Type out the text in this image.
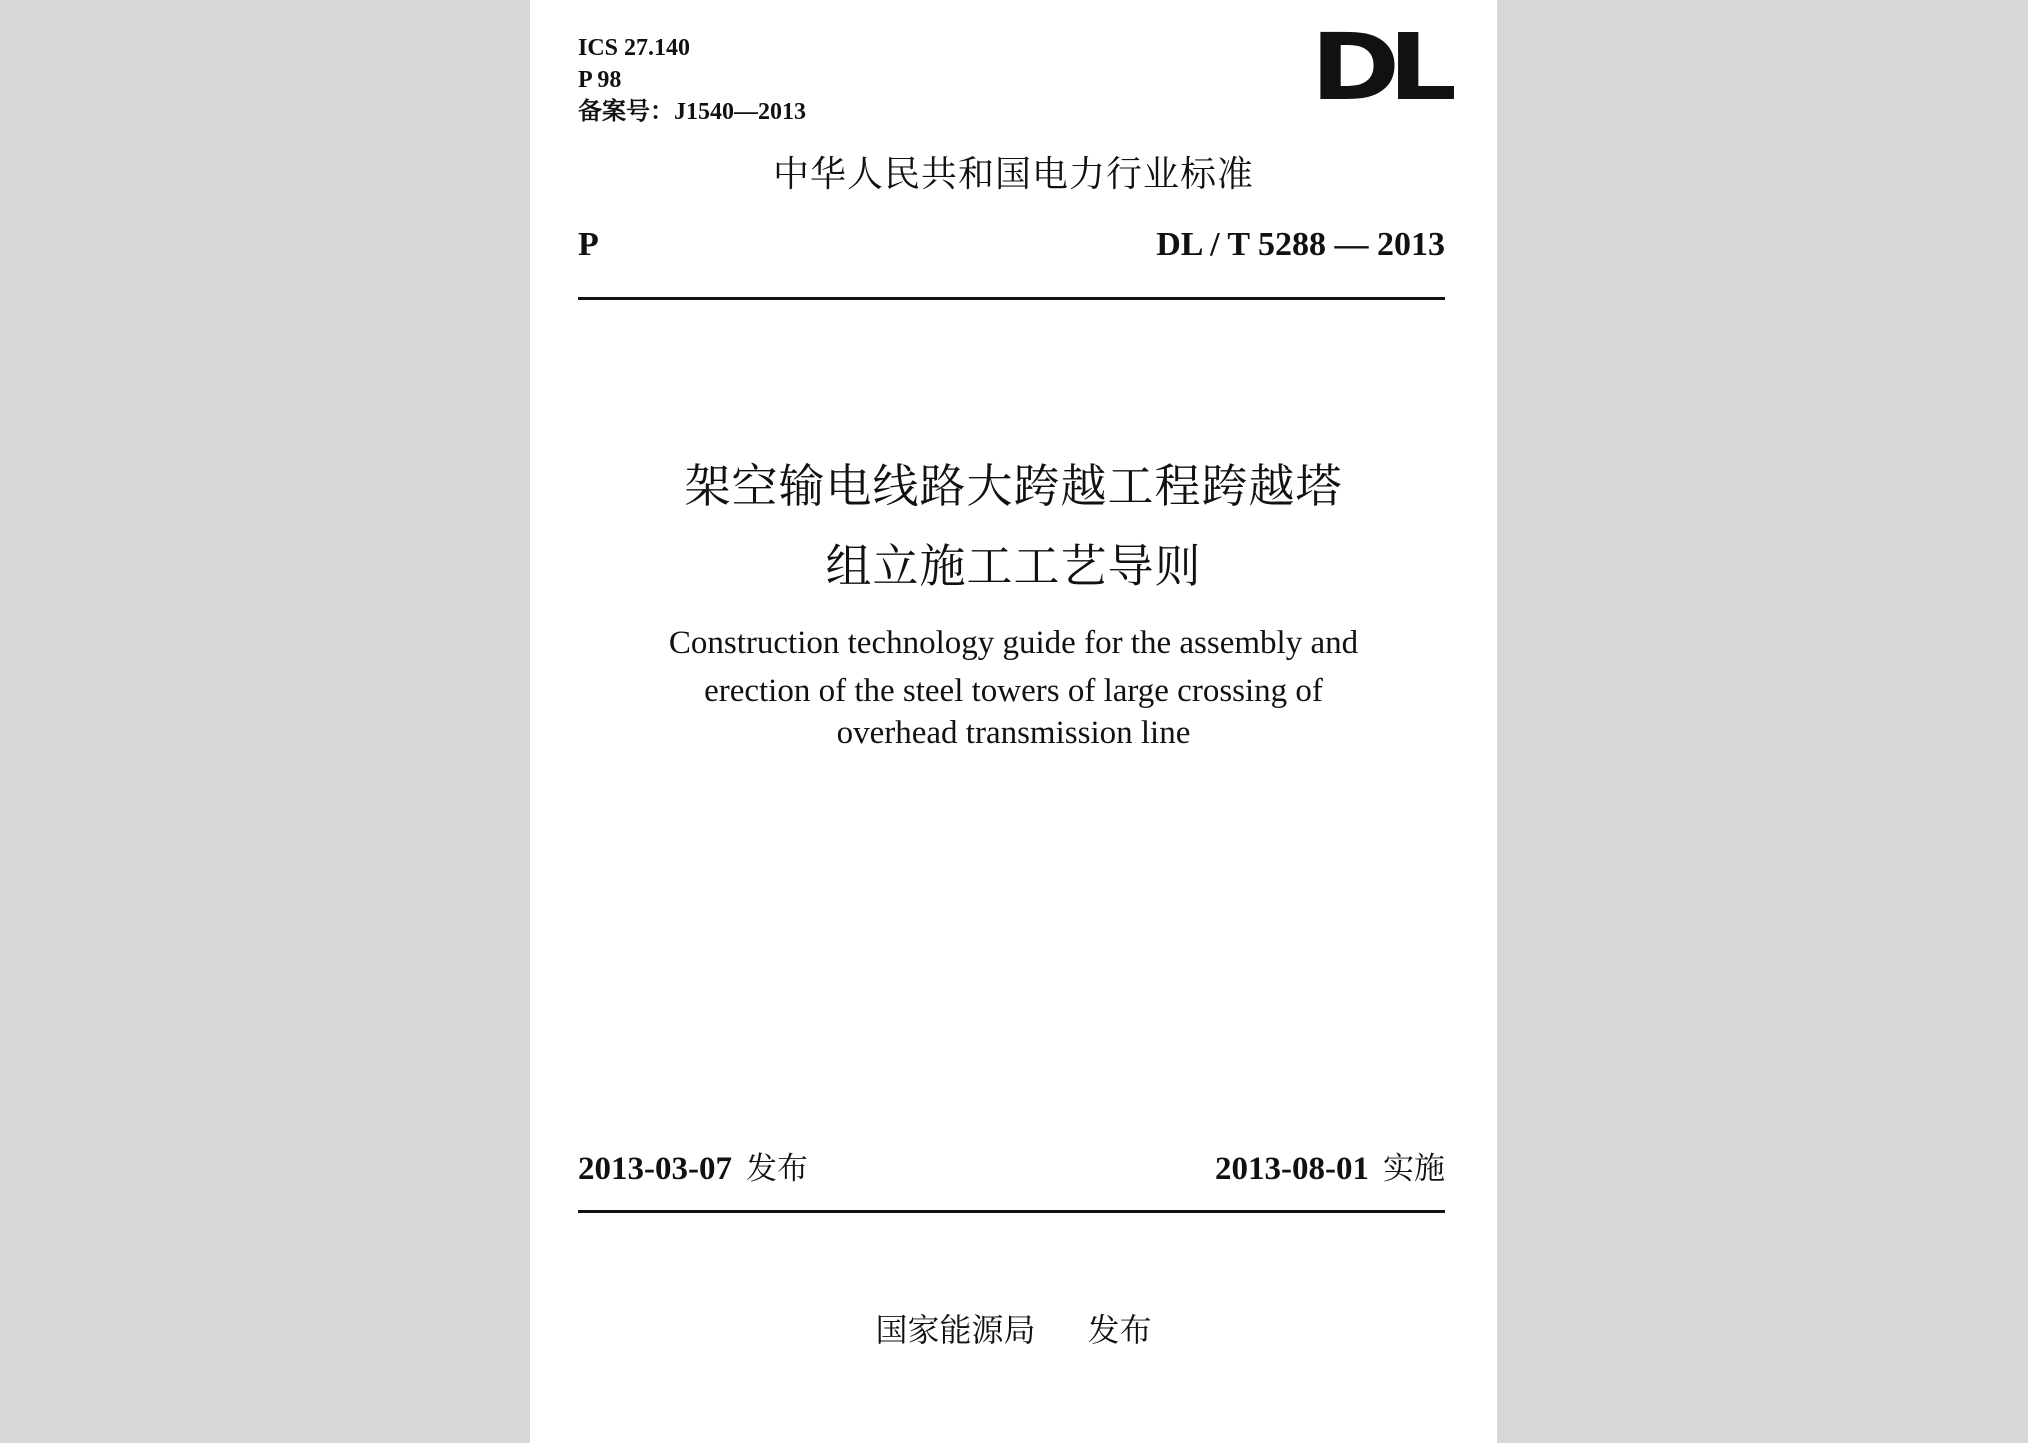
ICS 27.140
P 98
备案号：J1540—2013	DL
中华人民共和国电力行业标准
P	DL / T 5288 — 2013
架空输电线路大跨越工程跨越塔
组立施工工艺导则
Construction technology guide for the assembly and
erection of the steel towers of large crossing of
overhead transmission line
2013-03-07 发布	2013-08-01 实施
国家能源局 发布
